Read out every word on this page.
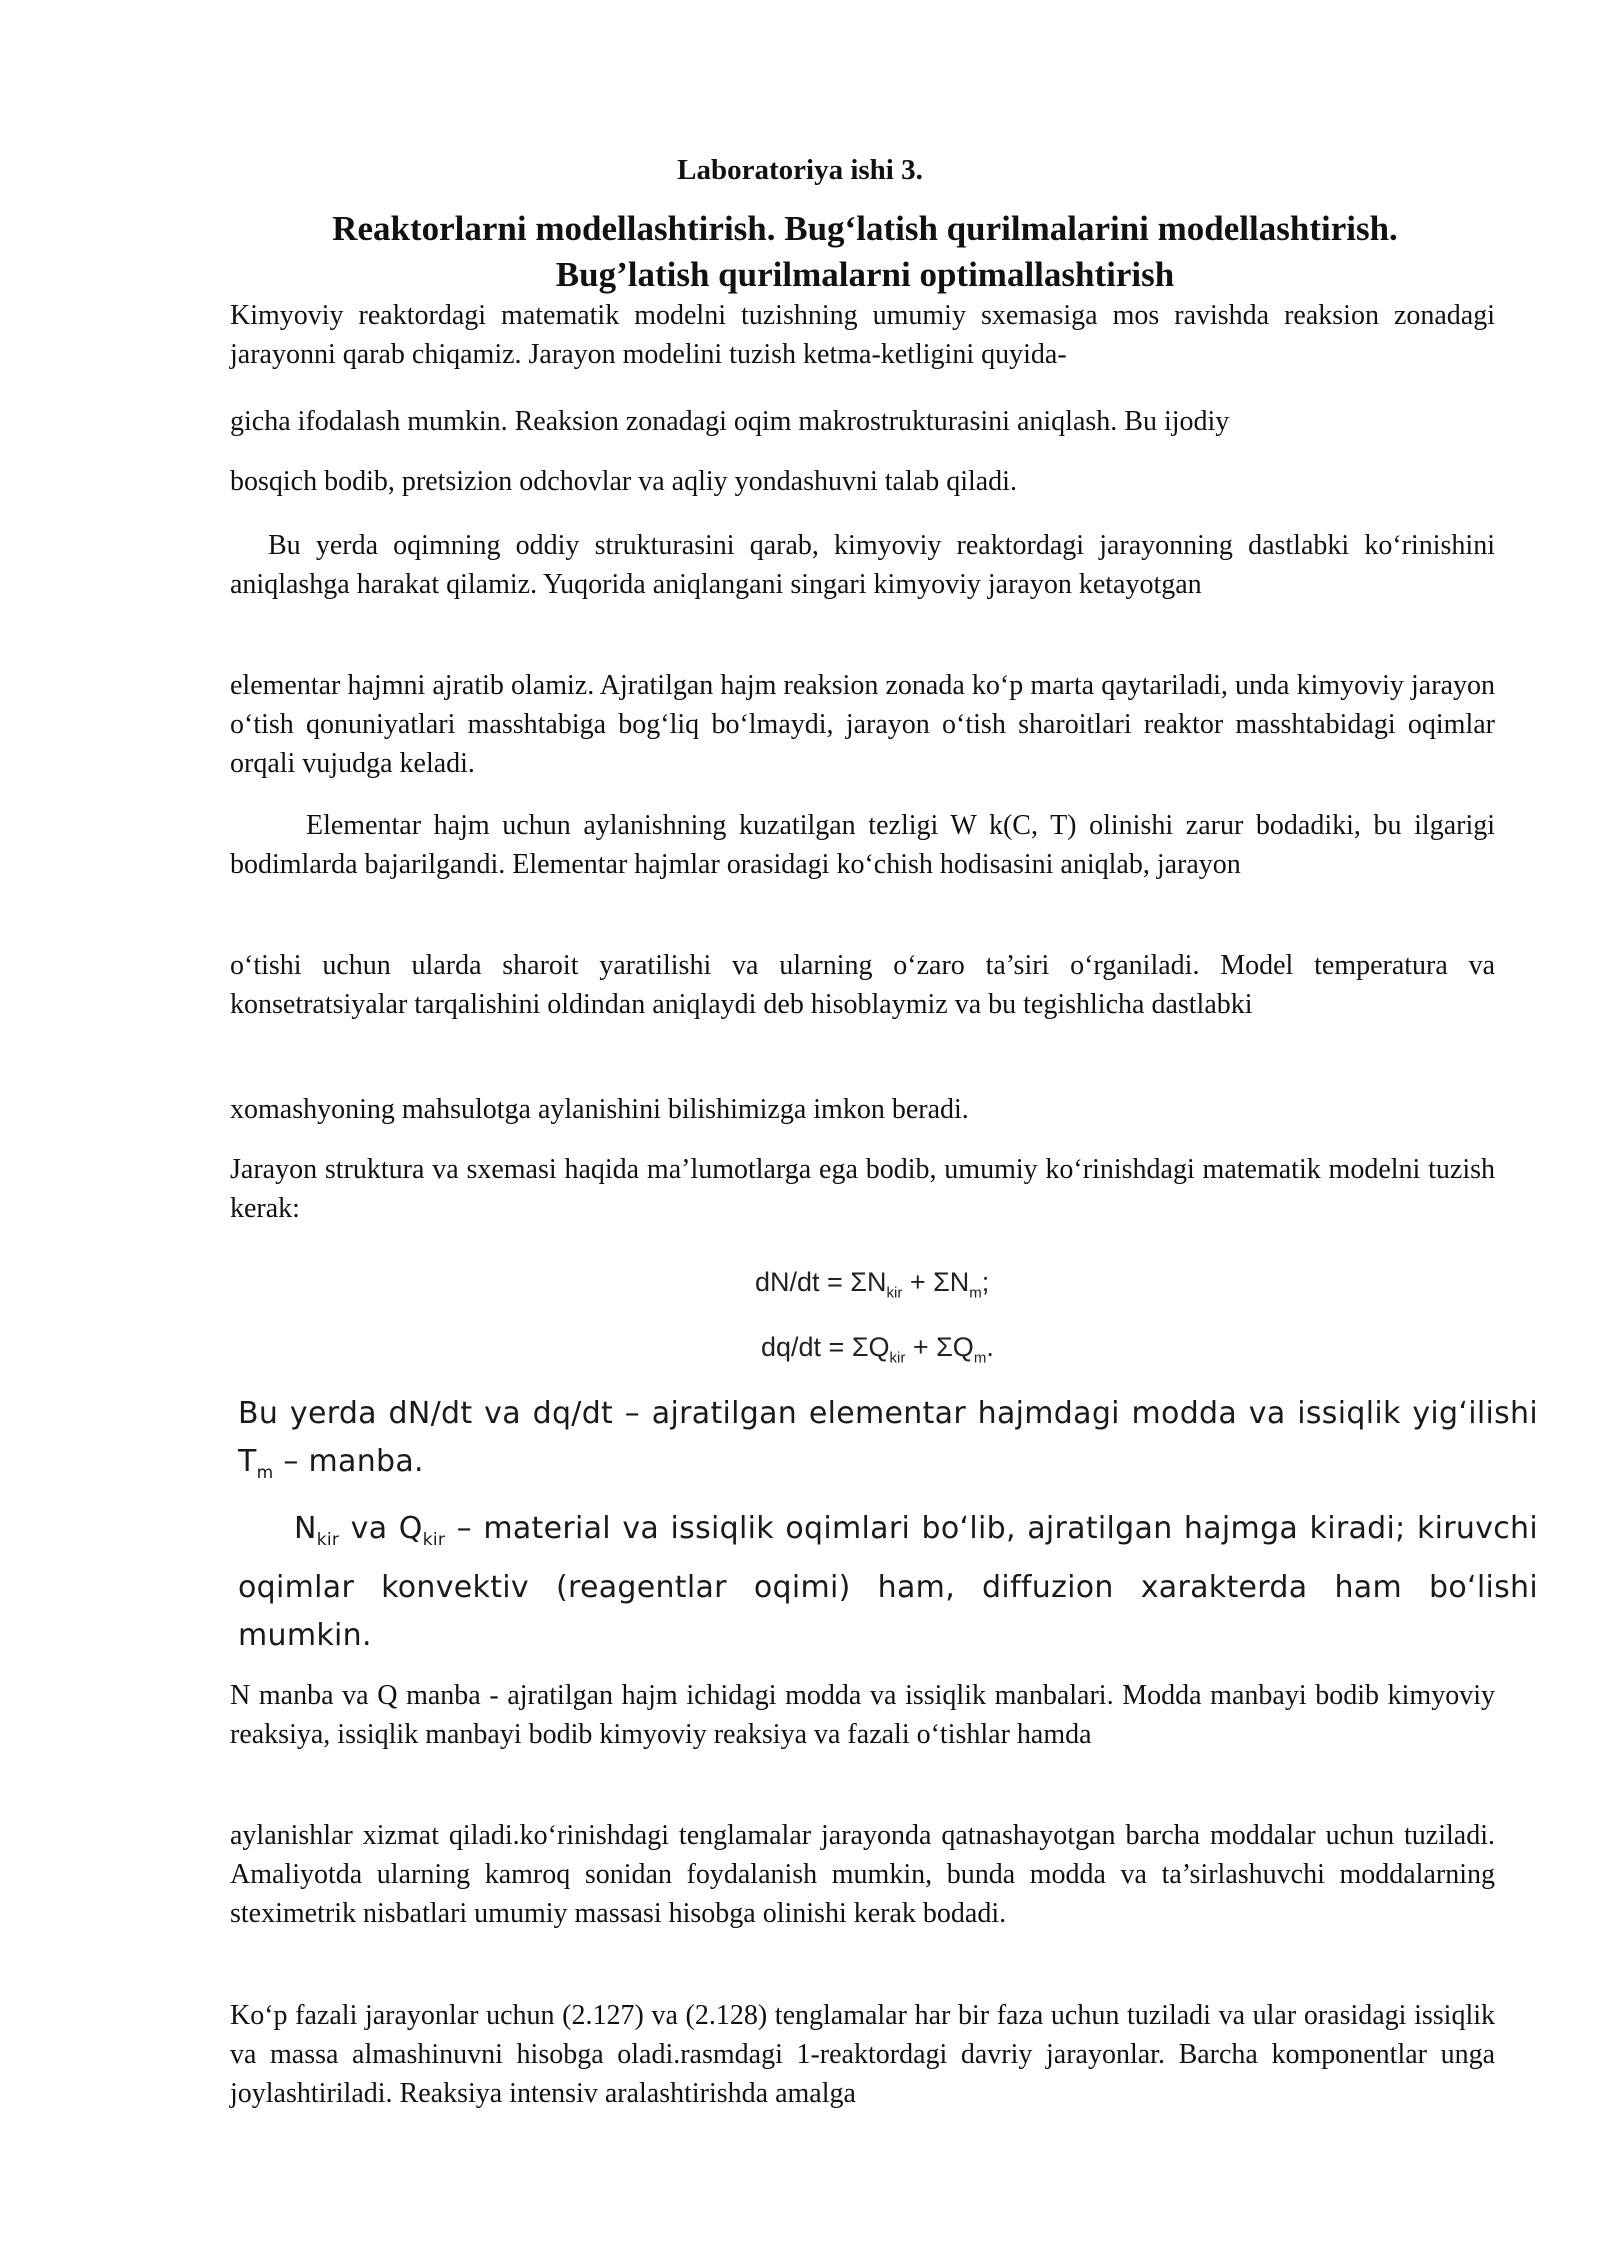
Laboratoriya ishi 3.
Reaktorlarni modellashtirish. Bug‘latish qurilmalarini modellashtirish.
Bug’latish qurilmalarni optimallashtirish

Kimyoviy reaktordagi matematik modelni tuzishning umumiy sxemasiga mos ravishda reaksion zonadagi jarayonni qarab chiqamiz. Jarayon modelini tuzish ketma-ketligini quyida-

gicha ifodalash mumkin. Reaksion zonadagi oqim makrostrukturasini aniqlash. Bu ijodiy

bosqich bodib, pretsizion odchovlar va aqliy yondashuvni talab qiladi.

Bu yerda oqimning oddiy strukturasini qarab, kimyoviy reaktordagi jarayonning dastlabki ko‘rinishini aniqlashga harakat qilamiz. Yuqorida aniqlangani singari kimyoviy jarayon ketayotgan

elementar hajmni ajratib olamiz. Ajratilgan hajm reaksion zonada ko‘p marta qaytariladi, unda kimyoviy jarayon o‘tish qonuniyatlari masshtabiga bog‘liq bo‘lmaydi, jarayon o‘tish sharoitlari reaktor masshtabidagi oqimlar orqali vujudga keladi.

Elementar hajm uchun aylanishning kuzatilgan tezligi W k(C, T) olinishi zarur bodadiki, bu ilgarigi bodimlarda bajarilgandi. Elementar hajmlar orasidagi ko‘chish hodisasini aniqlab, jarayon

o‘tishi uchun ularda sharoit yaratilishi va ularning o‘zaro ta’siri o‘rganiladi. Model temperatura va konsetratsiyalar tarqalishini oldindan aniqlaydi deb hisoblaymiz va bu tegishlicha dastlabki

xomashyoning mahsulotga aylanishini bilishimizga imkon beradi.

Jarayon struktura va sxemasi haqida ma’lumotlarga ega bodib, umumiy ko‘rinishdagi matematik modelni tuzish kerak:

$dN/dt = \Sigma N_{kir} + \Sigma N_m$;
$dq/dt = \Sigma Q_{kir} + \Sigma Q_m$.

Bu yerda dN/dt va dq/dt – ajratilgan elementar hajmdagi modda va issiqlik yig‘ilishi $T_m$ – manba.

$N_{kir}$ va $Q_{kir}$ – material va issiqlik oqimlari bo‘lib, ajratilgan hajmga kiradi; kiruvchi oqimlar konvektiv (reagentlar oqimi) ham, diffuzion xarakterda ham bo‘lishi mumkin.

N manba va Q manba - ajratilgan hajm ichidagi modda va issiqlik manbalari. Modda manbayi bodib kimyoviy reaksiya, issiqlik manbayi bodib kimyoviy reaksiya va fazali o‘tishlar hamda

aylanishlar xizmat qiladi.ko‘rinishdagi tenglamalar jarayonda qatnashayotgan barcha moddalar uchun tuziladi. Amaliyotda ularning kamroq sonidan foydalanish mumkin, bunda modda va ta’sirlashuvchi moddalarning steximetrik nisbatlari umumiy massasi hisobga olinishi kerak bodadi.

Ko‘p fazali jarayonlar uchun (2.127) va (2.128) tenglamalar har bir faza uchun tuziladi va ular orasidagi issiqlik va massa almashinuvni hisobga oladi.rasmdagi 1-reaktordagi davriy jarayonlar. Barcha komponentlar unga joylashtiriladi. Reaksiya intensiv aralashtirishda amalga
